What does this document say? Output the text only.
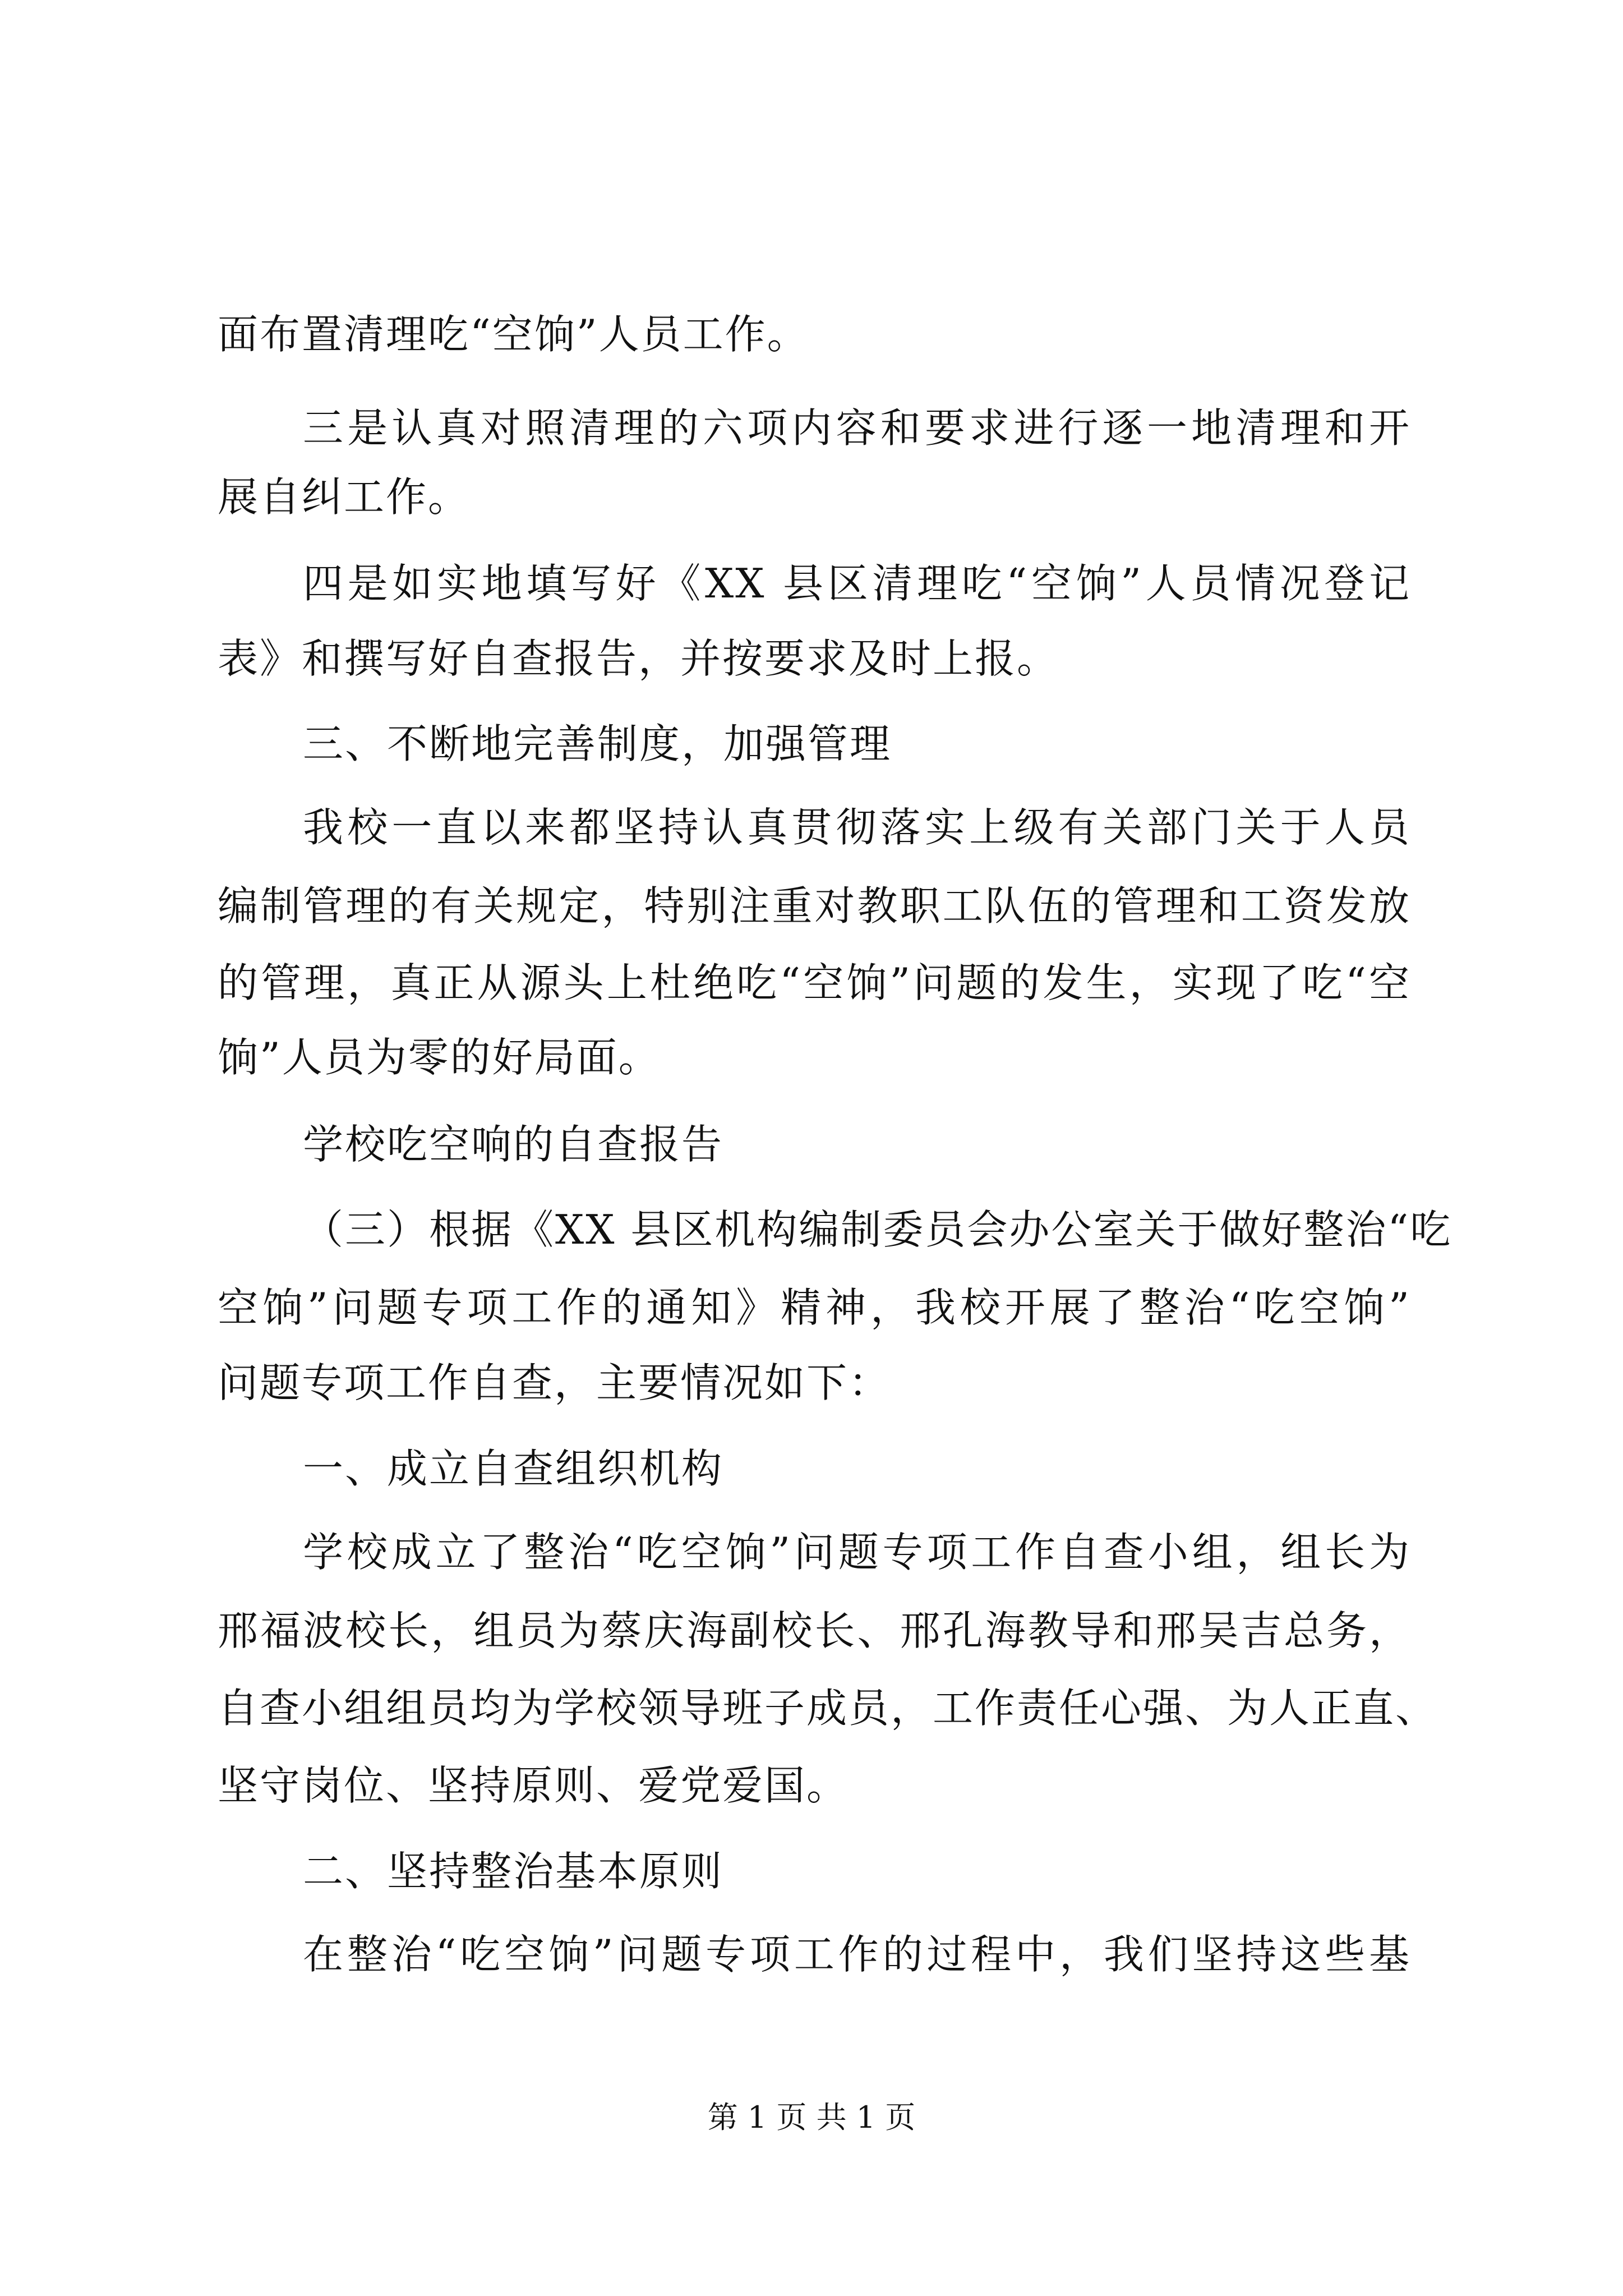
面布置清理吃“空饷”人员工作。

三是认真对照清理的六项内容和要求进行逐一地清理和开

展自纠工作。

四是如实地填写好《XX 县区清理吃“空饷”人员情况登记

表》和撰写好自查报告，并按要求及时上报。

三、不断地完善制度，加强管理

我校一直以来都坚持认真贯彻落实上级有关部门关于人员

编制管理的有关规定，特别注重对教职工队伍的管理和工资发放

的管理，真正从源头上杜绝吃“空饷”问题的发生，实现了吃“空

饷”人员为零的好局面。

学校吃空响的自查报告

（三）根据《XX 县区机构编制委员会办公室关于做好整治“吃

空饷”问题专项工作的通知》精神，我校开展了整治“吃空饷”

问题专项工作自查，主要情况如下：

一、成立自查组织机构

学校成立了整治“吃空饷”问题专项工作自查小组，组长为

邢福波校长，组员为蔡庆海副校长、邢孔海教导和邢吴吉总务，

自查小组组员均为学校领导班子成员，工作责任心强、为人正直、

坚守岗位、坚持原则、爱党爱国。

二、坚持整治基本原则

在整治“吃空饷”问题专项工作的过程中，我们坚持这些基

第 1 页 共 1 页
